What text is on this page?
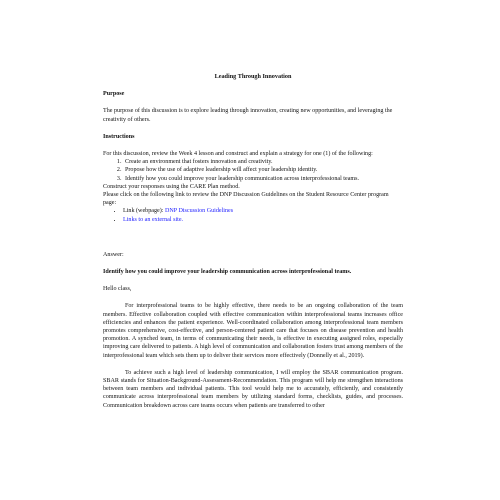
Leading Through Innovation
Purpose

The purpose of this discussion is to explore leading through innovation, creating new opportunities, and leveraging the creativity of others.

Instructions

For this discussion, review the Week 4 lesson and construct and explain a strategy for one (1) of the following:

1. Create an environment that fosters innovation and creativity.
2. Propose how the use of adaptive leadership will affect your leadership identity.
3. Identify how you could improve your leadership communication across interprofessional teams.

Construct your responses using the CARE Plan method.

Please click on the following link to review the DNP Discussion Guidelines on the Student Resource Center program page:

• Link (webpage): DNP Discussion Guidelines
• Links to an external site.

Answer:

Identify how you could improve your leadership communication across interprofessional teams.

Hello class,

For interprofessional teams to be highly effective, there needs to be an ongoing collaboration of the team members. Effective collaboration coupled with effective communication within interprofessional teams increases office efficiencies and enhances the patient experience. Well-coordinated collaboration among interprofessional team members promotes comprehensive, cost-effective, and person-centered patient care that focuses on disease prevention and health promotion. A synched team, in terms of communicating their needs, is effective in executing assigned roles, especially improving care delivered to patients. A high level of communication and collaboration fosters trust among members of the interprofessional team which sets them up to deliver their services more effectively (Donnelly et al., 2019).

To achieve such a high level of leadership communication, I will employ the SBAR communication program. SBAR stands for Situation-Background-Assessment-Recommendation. This program will help me strengthen interactions between team members and individual patients. This tool would help me to accurately, efficiently, and consistently communicate across interprofessional team members by utilizing standard forms, checklists, guides, and processes. Communication breakdown across care teams occurs when patients are transferred to other
